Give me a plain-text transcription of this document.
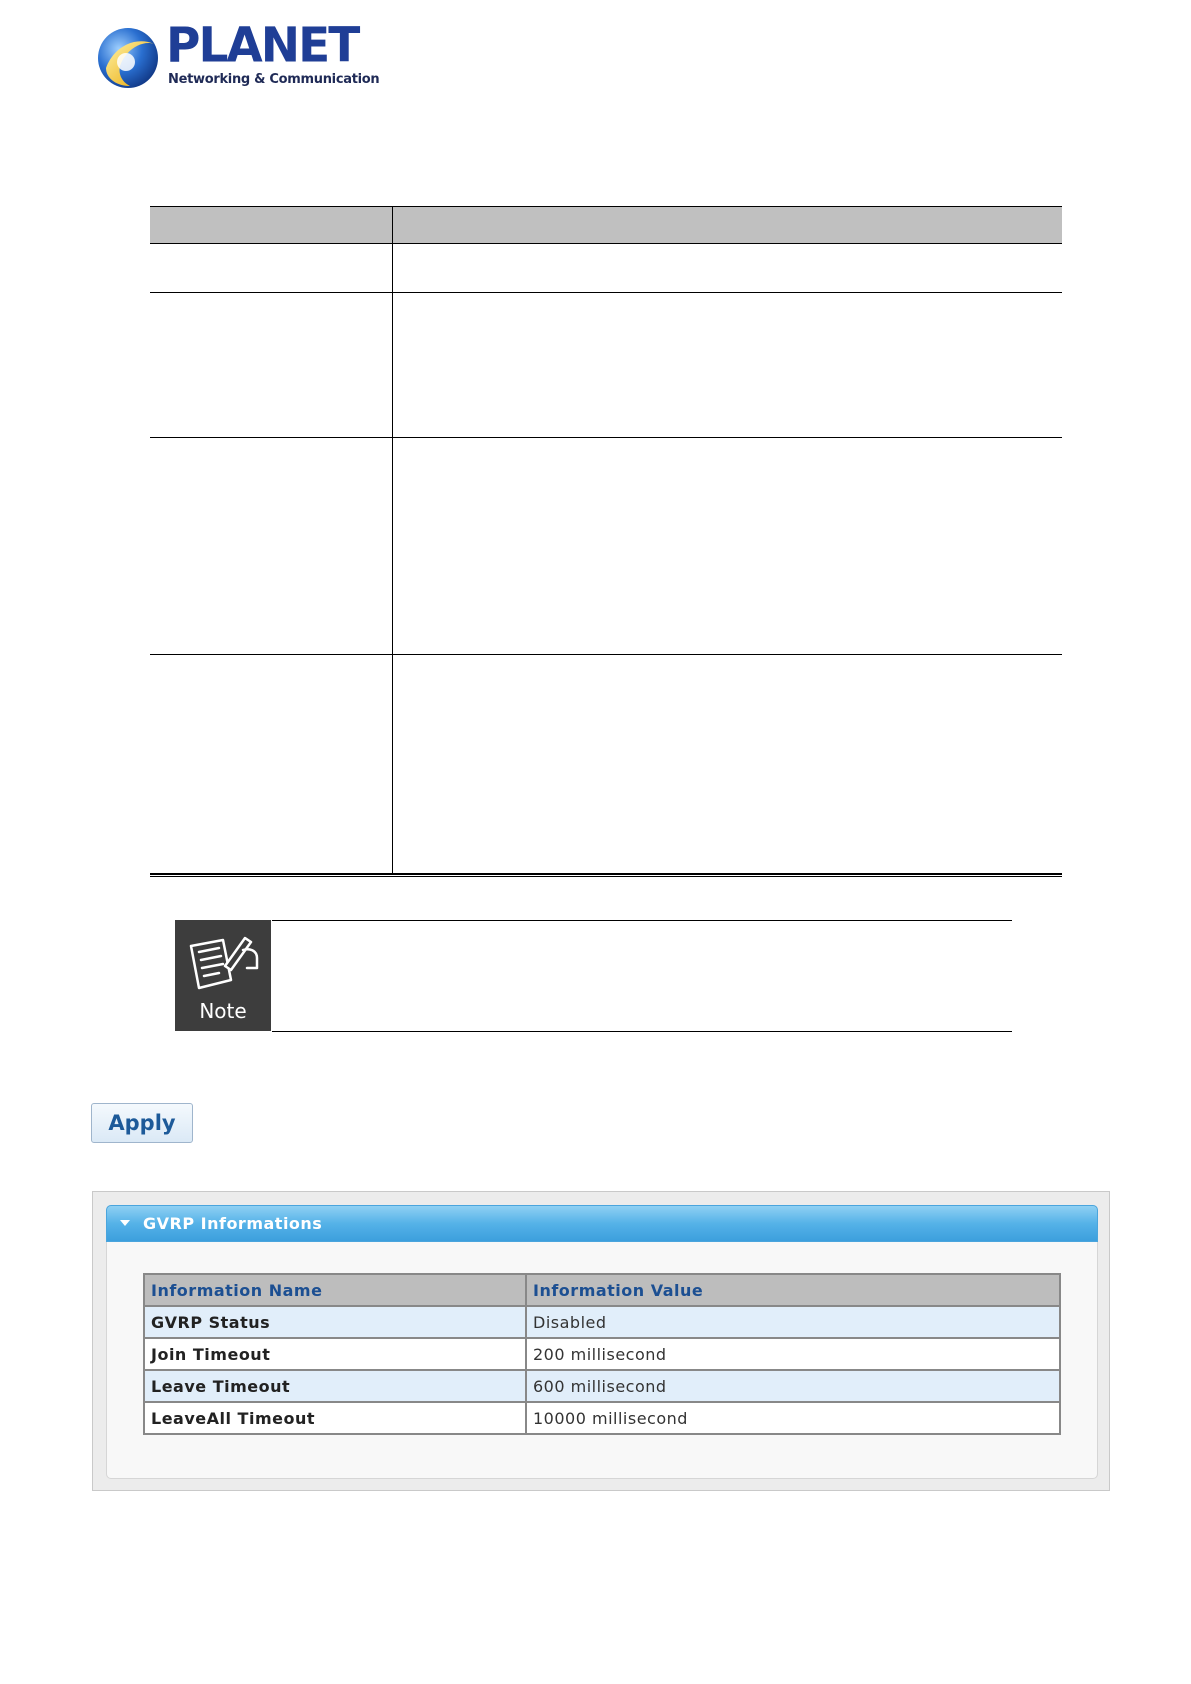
PLANET
Networking & Communication
Note
Apply
GVRP Informations
Information Name	Information Value
GVRP Status	Disabled
Join Timeout	200 millisecond
Leave Timeout	600 millisecond
LeaveAll Timeout	10000 millisecond
